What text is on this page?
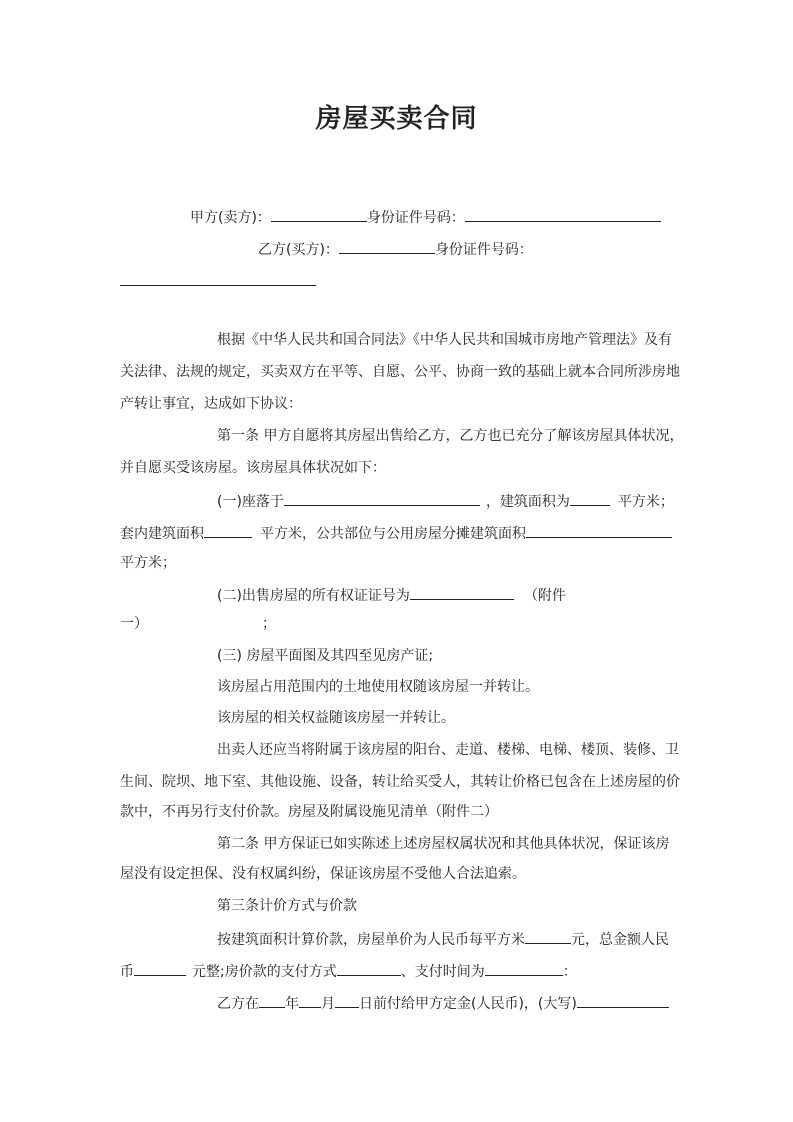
房屋买卖合同
甲方(卖方)：	身份证件号码：
乙方(买方)：	身份证件号码：
根据《中华人民共和国合同法》《中华人民共和国城市房地产管理法》及有
关法律、法规的规定，买卖双方在平等、自愿、公平、协商一致的基础上就本合同所涉房地
产转让事宜，达成如下协议：
第一条 甲方自愿将其房屋出售给乙方，乙方也已充分了解该房屋具体状况，
并自愿买受该房屋。该房屋具体状况如下：
(一)座落于	，建筑面积为	平方米；
套内建筑面积	平方米，公共部位与公用房屋分摊建筑面积
平方米；
(二)出售房屋的所有权证证号为	（附件
一）	；
(三) 房屋平面图及其四至见房产证;
该房屋占用范围内的土地使用权随该房屋一并转让。
该房屋的相关权益随该房屋一并转让。
出卖人还应当将附属于该房屋的阳台、走道、楼梯、电梯、楼顶、装修、卫
生间、院坝、地下室、其他设施、设备，转让给买受人，其转让价格已包含在上述房屋的价
款中，不再另行支付价款。房屋及附属设施见清单（附件二）
第二条 甲方保证已如实陈述上述房屋权属状况和其他具体状况，保证该房
屋没有设定担保、没有权属纠纷，保证该房屋不受他人合法追索。
第三条计价方式与价款
按建筑面积计算价款，房屋单价为人民币每平方米	元，总金额人民
币	元整;房价款的支付方式	、支付时间为	：
乙方在 年 月 日前付给甲方定金(人民币)，(大写)
